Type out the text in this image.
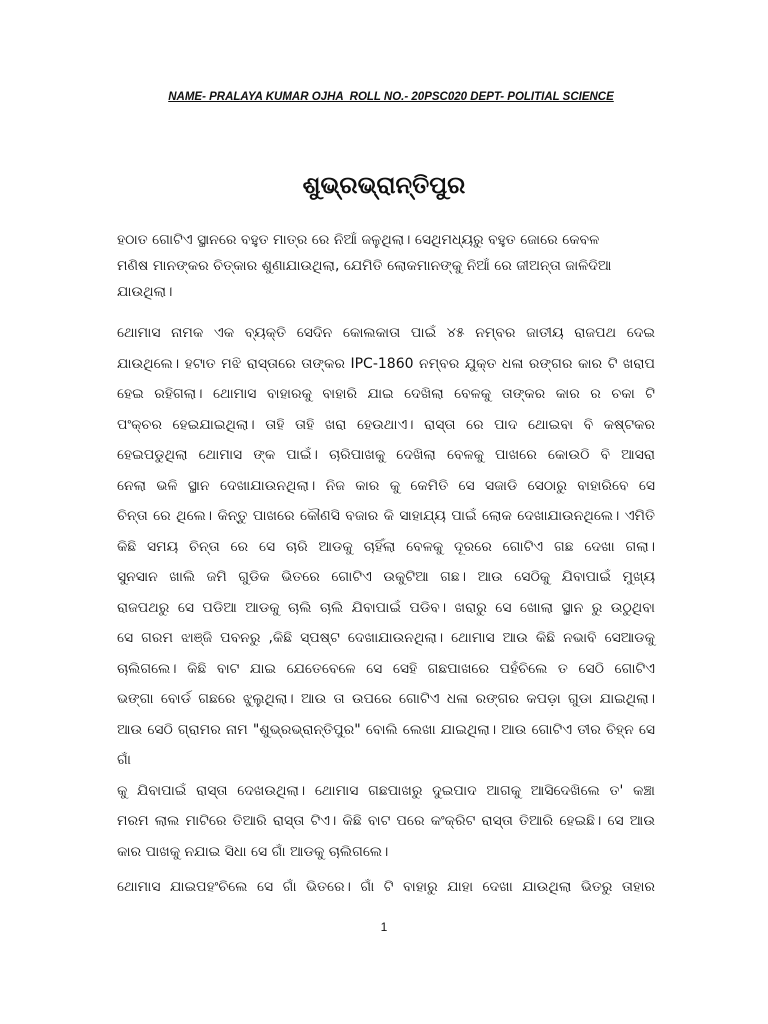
NAME- PRALAYA KUMAR OJHA  ROLL NO.- 20PSC020 DEPT- POLITIAL SCIENCE
ଶୁଭ୍ରଭ୍ରାନ୍ତିପୁର
ହଠାତ ଗୋଟିଏ ସ୍ଥାନରେ ବହୁତ ମାତ୍ର ରେ ନିଆଁ ଜଳୁଥିଲା। ସେଥିମଧ୍ୟରୁ ବହୁତ ଜୋରେ କେବଳ
ମଣିଷ ମାନଙ୍କର ଚିତ୍କାର ଶୁଣାଯାଉଥିଲା, ଯେମିତି ଲୋକମାନଙ୍କୁ ନିଆଁ ରେ ଜୀଅନ୍ତା ଜାଳିଦିଆ
ଯାଉଥିଲା।
ଥୋମାସ ନାମକ ଏକ ବ୍ୟକ୍ତି ସେଦିନ କୋଲକାତା ପାଇଁ ୪୫ ନମ୍ବର ଜାତୀୟ ରାଜପଥ ଦେଇ
ଯାଉଥିଲେ। ହଟାତ ମଝି ରାସ୍ତାରେ ତାଙ୍କର IPC-1860 ନମ୍ବର ଯୁକ୍ତ ଧଳା ରଙ୍ଗର କାର ଟି ଖରାପ
ହେଇ ରହିଗଲା। ଥୋମାସ ବାହାରକୁ ବାହାରି ଯାଇ ଦେଖିଲା ବେଳକୁ ତାଙ୍କର କାର ର ଚକା ଟି
ପଂକ୍ଚର ହେଇଯାଇଥିଲା। ତାହି ତାହି ଖରା ହେଉଥାଏ। ରାସ୍ତା ରେ ପାଦ ଥୋଇବା ବି କଷ୍ଟକର
ହେଇପଡୁଥିଲା ଥୋମାସ ଙ୍କ ପାଇଁ। ଚାରିପାଖକୁ ଦେଖିଲା ବେଳକୁ ପାଖରେ କୋଉଠି ବି ଆସରା
ନେଲା ଭଳି ସ୍ଥାନ ଦେଖାଯାଉନଥିଲା। ନିଜ କାର କୁ କେମିତି ସେ ସଜାଡି ସେଠାରୁ ବାହାରିବେ ସେ
ଚିନ୍ତା ରେ ଥିଲେ। କିନ୍ତୁ ପାଖରେ କୌଣସି ବଜାର କି ସାହାଯ୍ୟ ପାଇଁ ଲୋକ ଦେଖାଯାଉନଥିଲେ। ଏମିତି
କିଛି ସମୟ ଚିନ୍ତା ରେ ସେ ଚାରି ଆଡକୁ ଚାହିଁଲା ବେଳକୁ ଦୂରରେ ଗୋଟିଏ ଗଛ ଦେଖା ଗଲା।
ସୁନସାନ ଖାଲି ଜମି ଗୁଡିକ ଭିତରେ ଗୋଟିଏ ଉକୁଟିଆ ଗଛ। ଆଉ ସେଠିକୁ ଯିବାପାଇଁ ମୁଖ୍ୟ
ରାଜପଥରୁ ସେ ପଡିଆ ଆଡକୁ ଚାଲି ଚାଲି ଯିବାପାଇଁ ପଡିବ। ଖରାରୁ ସେ ଖୋଲା ସ୍ଥାନ ରୁ ଉଠୁଥିବା
ସେ ଗରମ ଝାଞ୍ଜି ପବନରୁ ,କିଛି ସ୍ପଷ୍ଟ ଦେଖାଯାଉନଥିଲା। ଥୋମାସ ଆଉ କିଛି ନଭାବି ସେଆଡକୁ
ଚାଲିଗଲେ। କିଛି ବାଟ ଯାଇ ଯେତେବେଳେ ସେ ସେହି ଗଛପାଖରେ ପହଁଚିଲେ ତ ସେଠି ଗୋଟିଏ
ଭଙ୍ଗା ବୋର୍ଡ ଗଛରେ ଝୁଲୁଥିଲା। ଆଉ ତା ଉପରେ ଗୋଟିଏ ଧଳା ରଙ୍ଗର କପଡ଼ା ଗୁଡା ଯାଇଥିଲା।
ଆଉ ସେଠି ଗ୍ରାମର ନାମ "ଶୁଭ୍ରଭ୍ରାନ୍ତିପୁର" ବୋଲି ଲେଖା ଯାଇଥିଲା। ଆଉ ଗୋଟିଏ ତୀର ଚିହ୍ନ ସେ ଗାଁ
କୁ ଯିବାପାଇଁ ରାସ୍ତା ଦେଖଉଥିଲା। ଥୋମାସ ଗଛପାଖରୁ ଦୁଇପାଦ ଆଗକୁ ଆସିଦେଖିଲେ ତ' କଞ୍ଚା
ମରମ ଲାଲ ମାଟିରେ ତିଆରି ରାସ୍ତା ଟିଏ। କିଛି ବାଟ ପରେ କଂକ୍ରିଟ ରାସ୍ତା ତିଆରି ହେଇଛି। ସେ ଆଉ
କାର ପାଖକୁ ନଯାଇ ସିଧା ସେ ଗାଁ ଆଡକୁ ଚାଲିଗଲେ।
ଥୋମାସ ଯାଇପହଂଚିଲେ ସେ ଗାଁ ଭିତରେ। ଗାଁ ଟି ବାହାରୁ ଯାହା ଦେଖା ଯାଉଥିଲା ଭିତରୁ ତାହାର
1
